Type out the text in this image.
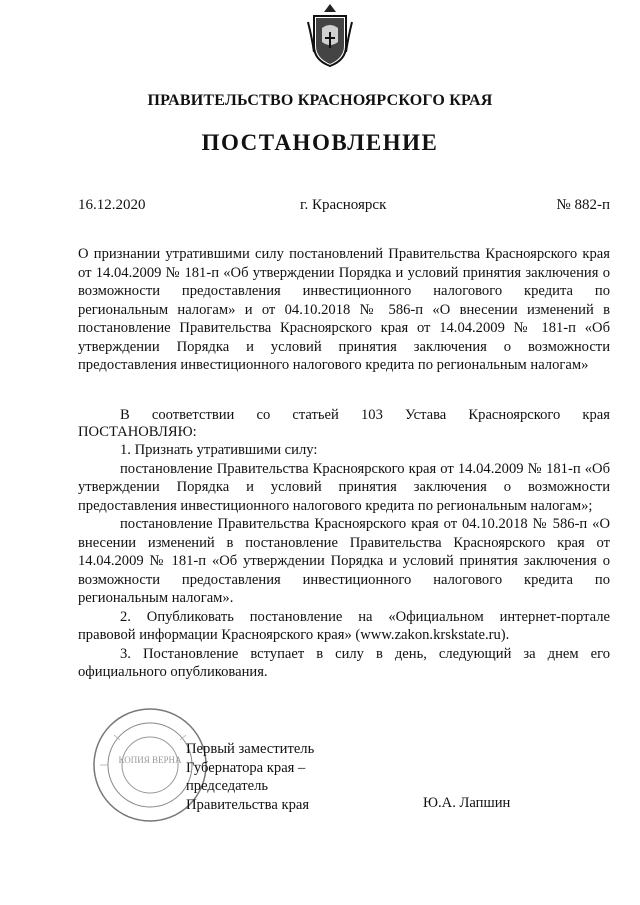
ПРАВИТЕЛЬСТВО КРАСНОЯРСКОГО КРАЯ
ПОСТАНОВЛЕНИЕ
16.12.2020	г. Красноярск	№ 882-п
О признании утратившими силу постановлений Правительства Красноярского края от 14.04.2009 № 181-п «Об утверждении Порядка и условий принятия заключения о возможности предоставления инвестиционного налогового кредита по региональным налогам» и от 04.10.2018 № 586-п «О внесении изменений в постановление Правительства Красноярского края от 14.04.2009 № 181-п «Об утверждении Порядка и условий принятия заключения о возможности предоставления инвестиционного налогового кредита по региональным налогам»

В соответствии со статьей 103 Устава Красноярского края

ПОСТАНОВЛЯЮ:

1. Признать утратившими силу:

постановление Правительства Красноярского края от 14.04.2009 № 181-п «Об утверждении Порядка и условий принятия заключения о возможности предоставления инвестиционного налогового кредита по региональным налогам»;

постановление Правительства Красноярского края от 04.10.2018 № 586-п «О внесении изменений в постановление Правительства Красноярского края от 14.04.2009 № 181-п «Об утверждении Порядка и условий принятия заключения о возможности предоставления инвестиционного налогового кредита по региональным налогам».

2. Опубликовать постановление на «Официальном интернет-портале правовой информации Красноярского края» (www.zakon.krskstate.ru).

3. Постановление вступает в силу в день, следующий за днем его официального опубликования.

КОПИЯ ВЕРНА
Первый заместитель
Губернатора края –
председатель
Правительства края	Ю.А. Лапшин
